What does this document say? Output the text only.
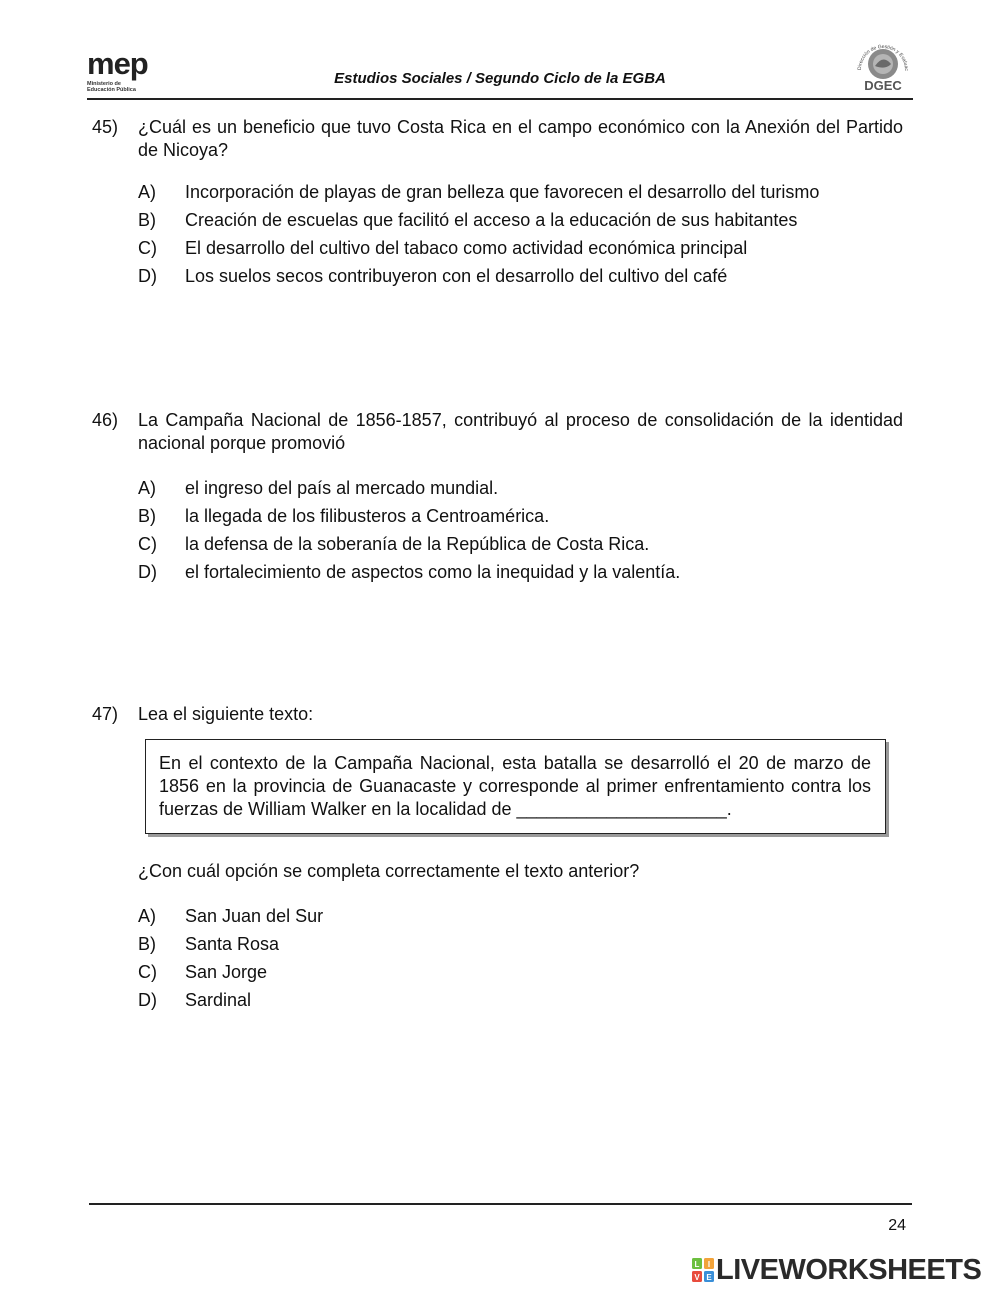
mep
Ministerio de
Educación Pública
Estudios Sociales / Segundo Ciclo de la EGBA
Dirección de Gestión y Evaluac
DGEC
45)	¿Cuál es un beneficio que tuvo Costa Rica en el campo económico con la Anexión del Partido de Nicoya?
A)	Incorporación de playas de gran belleza que favorecen el desarrollo del turismo
B)	Creación de escuelas que facilitó el acceso a la educación de sus habitantes
C)	El desarrollo del cultivo del tabaco como actividad económica principal
D)	Los suelos secos contribuyeron con el desarrollo del cultivo del café
46)	La Campaña Nacional de 1856-1857, contribuyó al proceso de consolidación de la identidad nacional porque promovió
A)	el ingreso del país al mercado mundial.
B)	la llegada de los filibusteros a Centroamérica.
C)	la defensa de la soberanía de la República de Costa Rica.
D)	el fortalecimiento de aspectos como la inequidad y la valentía.
47)	Lea el siguiente texto:
En el contexto de la Campaña Nacional, esta batalla se desarrolló el 20 de marzo de 1856 en la provincia de Guanacaste y corresponde al primer enfrentamiento contra los fuerzas de William Walker en la localidad de _____________________.
¿Con cuál opción se completa correctamente el texto anterior?
A)	San Juan del Sur
B)	Santa Rosa
C)	San Jorge
D)	Sardinal
24
L I
V E LIVEWORKSHEETS
